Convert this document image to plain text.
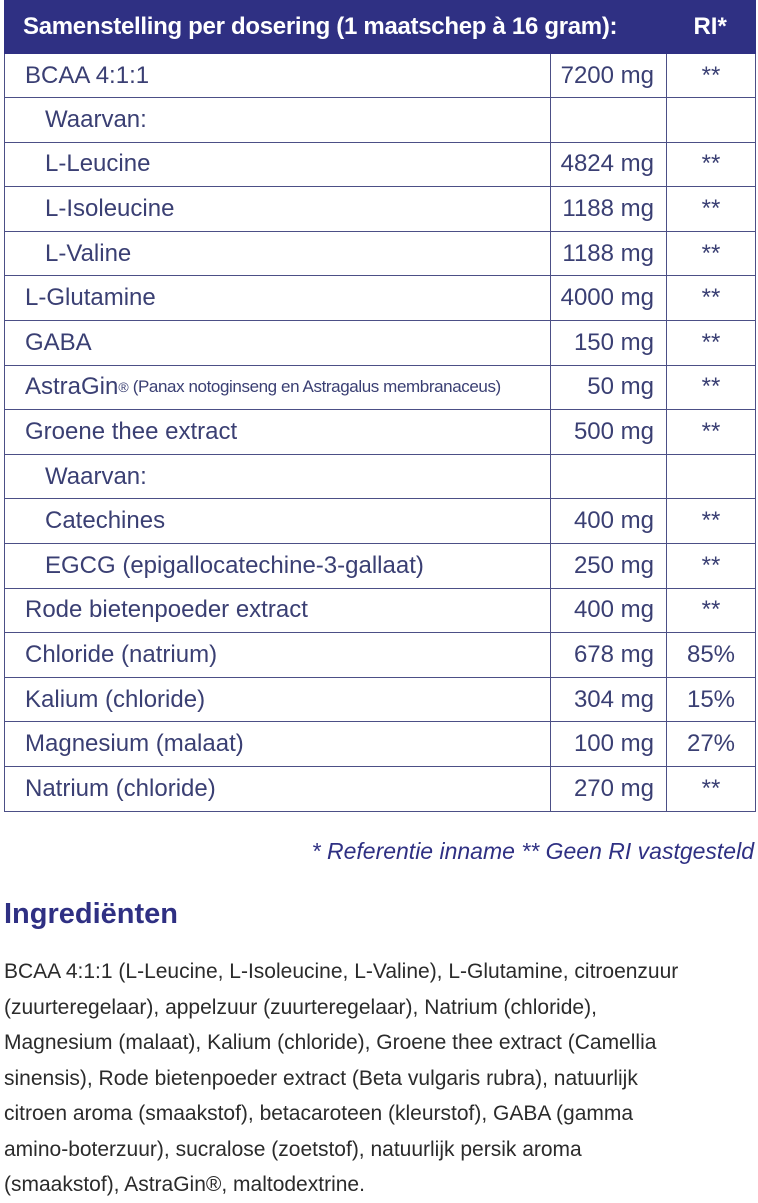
Samenstelling per dosering (1 maatschep à 16 gram):	RI*
BCAA 4:1:1	7200 mg	**
Waarvan:
L-Leucine	4824 mg	**
L-Isoleucine	1188 mg	**
L-Valine	1188 mg	**
L-Glutamine	4000 mg	**
GABA	150 mg	**
AstraGin ® (Panax notoginseng en Astragalus membranaceus)	50 mg	**
Groene thee extract	500 mg	**
Waarvan:
Catechines	400 mg	**
EGCG (epigallocatechine-3-gallaat)	250 mg	**
Rode bietenpoeder extract	400 mg	**
Chloride (natrium)	678 mg	85%
Kalium (chloride)	304 mg	15%
Magnesium (malaat)	100 mg	27%
Natrium (chloride)	270 mg	**
* Referentie inname ** Geen RI vastgesteld
Ingrediënten
BCAA 4:1:1 (L-Leucine, L-Isoleucine, L-Valine), L-Glutamine, citroenzuur
(zuurteregelaar), appelzuur (zuurteregelaar), Natrium (chloride),
Magnesium (malaat), Kalium (chloride), Groene thee extract (Camellia
sinensis), Rode bietenpoeder extract (Beta vulgaris rubra), natuurlijk
citroen aroma (smaakstof), betacaroteen (kleurstof), GABA (gamma
amino-boterzuur), sucralose (zoetstof), natuurlijk persik aroma
(smaakstof), AstraGin®, maltodextrine.
